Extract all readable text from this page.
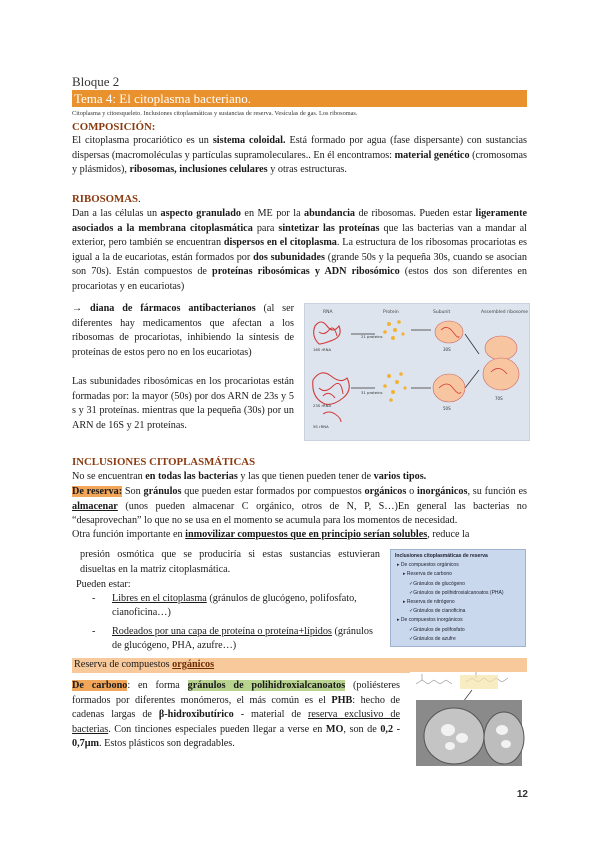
Bloque 2
Tema 4: El citoplasma bacteriano.
Citoplasma y citoesqueleto. Inclusiones citoplasmáticas y sustancias de reserva. Vesículas de gas. Los ribosomas.
COMPOSICIÓN:

El citoplasma procariótico es un sistema coloidal. Está formado por agua (fase dispersante) con sustancias dispersas (macromoléculas y partículas supramoleculares.. En él encontramos: material genético (cromosomas y plásmidos), ribosomas, inclusiones celulares y otras estructuras.

RIBOSOMAS.

Dan a las células un aspecto granulado en ME por la abundancia de ribosomas. Pueden estar ligeramente asociados a la membrana citoplasmática para sintetizar las proteínas que las bacterias van a mandar al exterior, pero también se encuentran dispersos en el citoplasma. La estructura de los ribosomas procariotas es igual a la de eucariotas, están formados por dos subunidades (grande 50s y la pequeña 30s, cuando se asocian son 70s). Están compuestos de proteínas ribosómicas y ADN ribosómico (estos dos son diferentes en procariotas y en eucariotas)

→ diana de fármacos antibacterianos (al ser diferentes hay medicamentos que afectan a los ribosomas de procariotas, inhibiendo la síntesis de proteínas de estos pero no en los eucariotas)

Las subunidades ribosómicas en los procariotas están formadas por: la mayor (50s) por dos ARN de 23s y 5 s y 31 proteínas. mientras que la pequeña (30s) por un ARN de 16S y 21 proteínas.

RNA	Protein	Subunit	Assembled ribosome
16S rRNA
23S rRNA
5S rRNA
21 proteins
31 proteins
30S
50S
70S
INCLUSIONES CITOPLASMÁTICAS

No se encuentran en todas las bacterias y las que tienen pueden tener de varios tipos.

De reserva: Son gránulos que pueden estar formados por compuestos orgánicos o inorgánicos, su función es almacenar (unos pueden almacenar C orgánico, otros de N, P, S…)En general las bacterias no “desaprovechan” lo que no se usa en el momento se acumula para los momentos de necesidad.

Otra función importante en inmovilizar compuestos que en principio serían solubles, reduce la

presión osmótica que se produciría si estas sustancias estuvieran disueltas en la matriz citoplasmática.

Pueden estar:
- Libres en el citoplasma (gránulos de glucógeno, polifosfato, cianoficina…)
- Rodeados por una capa de proteína o proteína+lípidos (gránulos de glucógeno, PHA, azufre…)
Inclusiones citoplasmáticas de reserva
▸ De compuestos orgánicos
▸ Reserva de carbono
✓Gránulos de glucógeno
✓Gránulos de polihidroxialcanoatos (PHA)
▸ Reserva de nitrógeno
✓Gránulos de cianoficina
▸ De compuestos inorgánicos
✓Gránulos de polifosfato
✓Gránulos de azufre
Reserva de compuestos orgánicos

De carbono: en forma gránulos de polihidroxialcanoatos (poliésteres formados por diferentes monómeros, el más común es el PHB: hecho de cadenas largas de β-hidroxibutírico - material de reserva exclusivo de bacterias. Con tinciones especiales pueden llegar a verse en MO, son de 0,2 - 0,7μm. Estos plásticos son degradables.

12
